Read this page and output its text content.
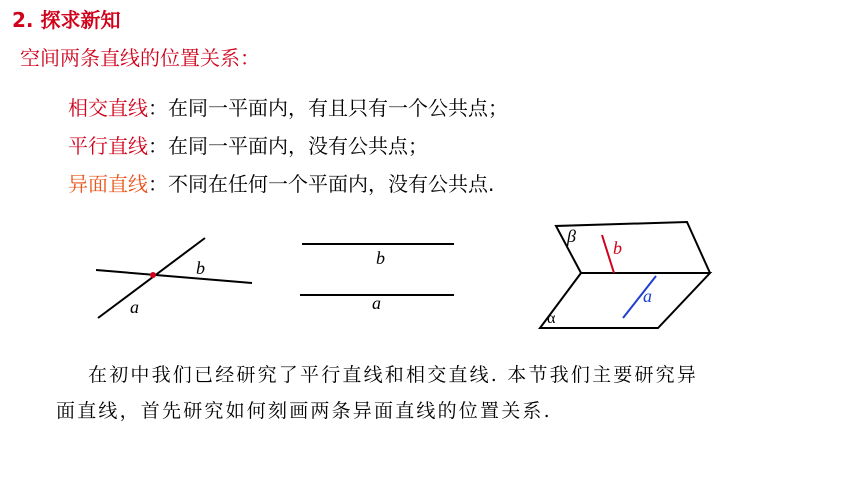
2. 探求新知
空间两条直线的位置关系：
相交直线：在同一平面内，有且只有一个公共点；
平行直线：在同一平面内，没有公共点；
异面直线：不同在任何一个平面内，没有公共点.
b
a
b
a
β
b
a
α
在初中我们已经研究了平行直线和相交直线. 本节我们主要研究异
面直线，首先研究如何刻画两条异面直线的位置关系.
